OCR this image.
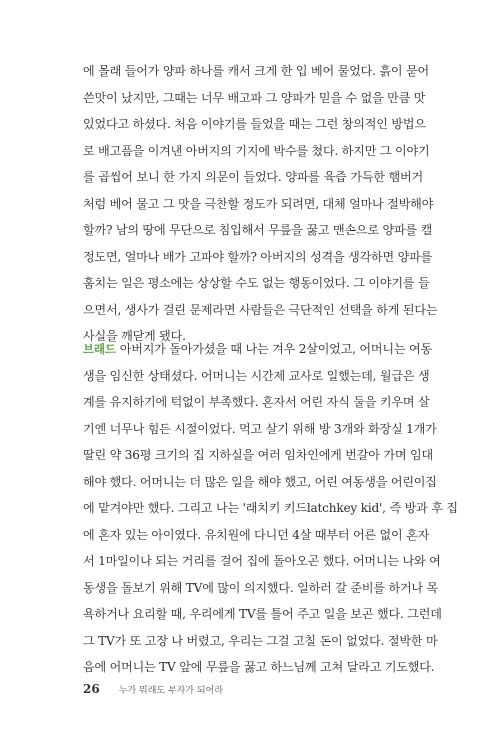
에 몰래 들어가 양파 하나를 캐서 크게 한 입 베어 물었다. 흙이 묻어
쓴맛이 났지만, 그때는 너무 배고파 그 양파가 믿을 수 없을 만큼 맛
있었다고 하셨다. 처음 이야기를 들었을 때는 그런 창의적인 방법으
로 배고픔을 이겨낸 아버지의 기지에 박수를 쳤다. 하지만 그 이야기
를 곱씹어 보니 한 가지 의문이 들었다. 양파를 육즙 가득한 햄버거
처럼 베어 물고 그 맛을 극찬할 정도가 되려면, 대체 얼마나 절박해야
할까? 남의 땅에 무단으로 침입해서 무릎을 꿇고 맨손으로 양파를 캘
정도면, 얼마나 배가 고파야 할까? 아버지의 성격을 생각하면 양파를
훔치는 일은 평소에는 상상할 수도 없는 행동이었다. 그 이야기를 들
으면서, 생사가 걸린 문제라면 사람들은 극단적인 선택을 하게 된다는
사실을 깨닫게 됐다.
브래드 아버지가 돌아가셨을 때 나는 겨우 2살이었고, 어머니는 여동
생을 임신한 상태셨다. 어머니는 시간제 교사로 일했는데, 월급은 생
계를 유지하기에 턱없이 부족했다. 혼자서 어린 자식 둘을 키우며 살
기엔 너무나 힘든 시절이었다. 먹고 살기 위해 방 3개와 화장실 1개가
딸린 약 36평 크기의 집 지하실을 여러 임차인에게 번갈아 가며 임대
해야 했다. 어머니는 더 많은 일을 해야 했고, 어린 여동생을 어린이집
에 맡겨야만 했다. 그리고 나는 '래치키 키드latchkey kid', 즉 방과 후 집
에 혼자 있는 아이였다. 유치원에 다니던 4살 때부터 어른 없이 혼자
서 1마일이나 되는 거리를 걸어 집에 돌아오곤 했다. 어머니는 나와 여
동생을 돌보기 위해 TV에 많이 의지했다. 일하러 갈 준비를 하거나 목
욕하거나 요리할 때, 우리에게 TV를 틀어 주고 일을 보곤 했다. 그런데
그 TV가 또 고장 나 버렸고, 우리는 그걸 고칠 돈이 없었다. 절박한 마
음에 어머니는 TV 앞에 무릎을 꿇고 하느님께 고쳐 달라고 기도했다.
26 누가 뭐래도 부자가 되어라
